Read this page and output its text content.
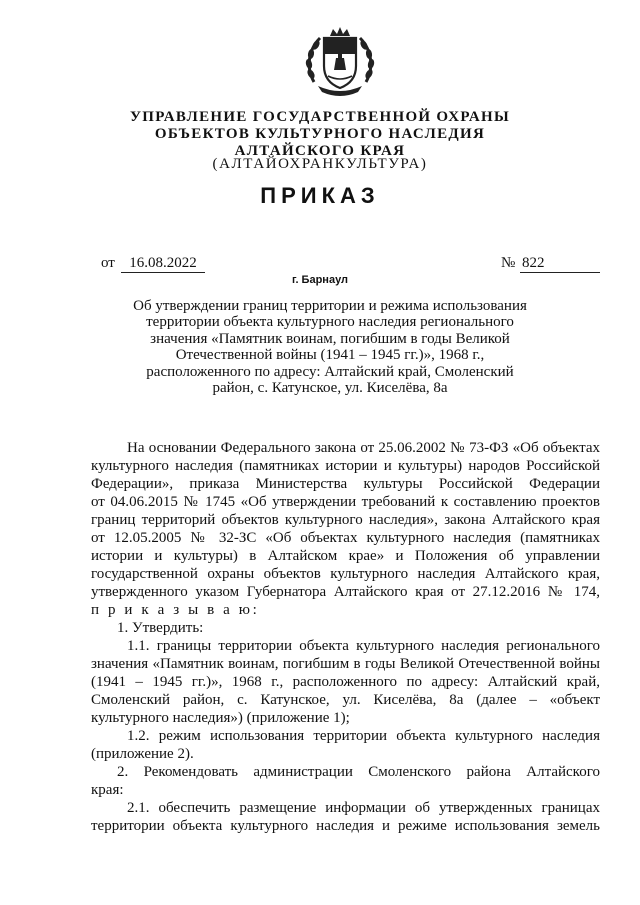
УПРАВЛЕНИЕ ГОСУДАРСТВЕННОЙ ОХРАНЫ
ОБЪЕКТОВ КУЛЬТУРНОГО НАСЛЕДИЯ
АЛТАЙСКОГО КРАЯ
(АЛТАЙОХРАНКУЛЬТУРА)
ПРИКАЗ
от 16.08.2022	№ 822
г. Барнаул
Об утверждении границ территории и режима использования
территории объекта культурного наследия регионального
значения «Памятник воинам, погибшим в годы Великой
Отечественной войны (1941 – 1945 гг.)», 1968 г.,
расположенного по адресу: Алтайский край, Смоленский
район, с. Катунское, ул. Киселёва, 8а
На основании Федерального закона от 25.06.2002 № 73-ФЗ «Об объектах
культурного наследия (памятниках истории и культуры) народов Российской
Федерации», приказа Министерства культуры Российской Федерации
от 04.06.2015 № 1745 «Об утверждении требований к составлению проектов
границ территорий объектов культурного наследия», закона Алтайского края
от 12.05.2005 № 32-ЗС «Об объектах культурного наследия (памятниках
истории и культуры) в Алтайском крае» и Положения об управлении
государственной охраны объектов культурного наследия Алтайского края,
утвержденного указом Губернатора Алтайского края от 27.12.2016 № 174,
п р и к а з ы в а ю:
1. Утвердить:
1.1. границы территории объекта культурного наследия регионального
значения «Памятник воинам, погибшим в годы Великой Отечественной войны
(1941 – 1945 гг.)», 1968 г., расположенного по адресу: Алтайский край,
Смоленский район, с. Катунское, ул. Киселёва, 8а (далее – «объект
культурного наследия») (приложение 1);
1.2. режим использования территории объекта культурного наследия
(приложение 2).
2. Рекомендовать администрации Смоленского района Алтайского
края:
2.1. обеспечить размещение информации об утвержденных границах
территории объекта культурного наследия и режиме использования земель
